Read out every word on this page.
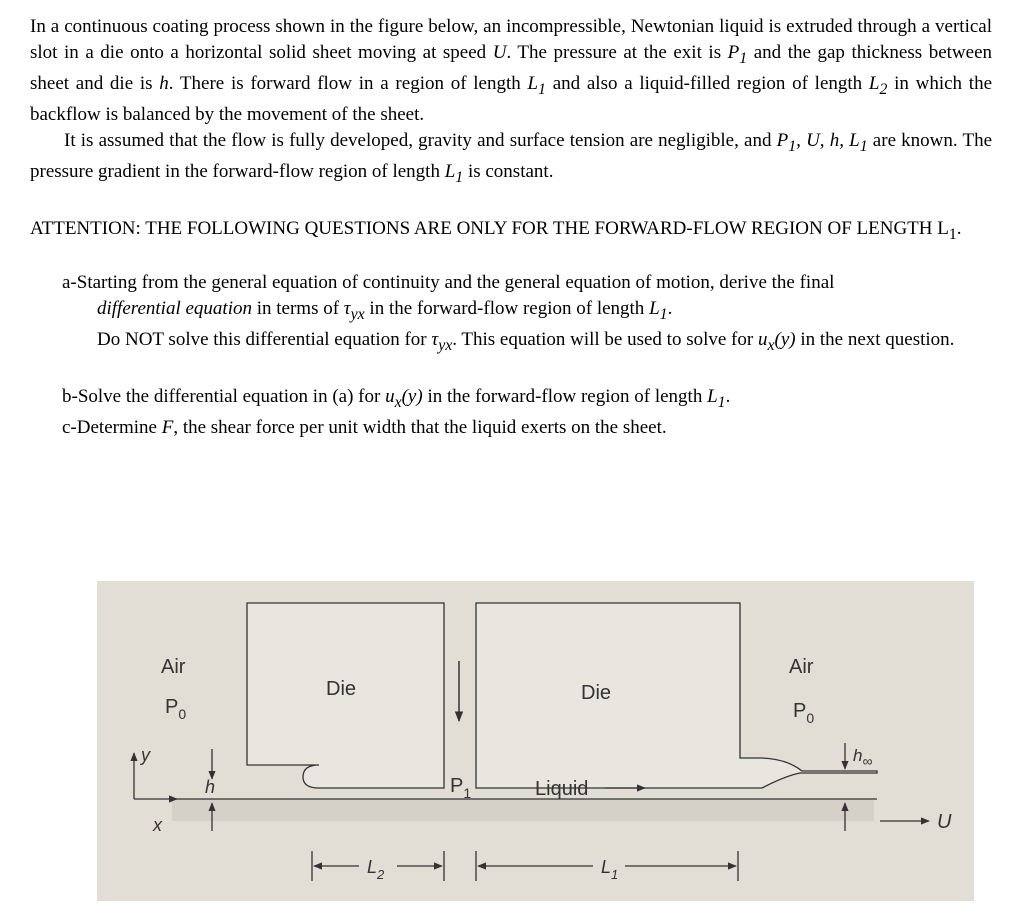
In a continuous coating process shown in the figure below, an incompressible, Newtonian liquid is extruded through a vertical slot in a die onto a horizontal solid sheet moving at speed U. The pressure at the exit is $P_1$ and the gap thickness between sheet and die is h. There is forward flow in a region of length $L_1$ and also a liquid-filled region of length $L_2$ in which the backflow is balanced by the movement of the sheet.

It is assumed that the flow is fully developed, gravity and surface tension are negligible, and $P_1$, U, h, $L_1$ are known. The pressure gradient in the forward-flow region of length $L_1$ is constant.

ATTENTION: THE FOLLOWING QUESTIONS ARE ONLY FOR THE FORWARD-FLOW REGION OF LENGTH $L_1$.

a-Starting from the general equation of continuity and the general equation of motion, derive the final

differential equation in terms of $\tau_{yx}$ in the forward-flow region of length $L_1$.

Do NOT solve this differential equation for $\tau_{yx}$. This equation will be used to solve for $u_x(y)$ in the next question.

b-Solve the differential equation in (a) for $u_x(y)$ in the forward-flow region of length $L_1$.

c-Determine F, the shear force per unit width that the liquid exerts on the sheet.

y
x
h
Air
$P_0$
Die	Die
Air
$P_0$
$P_1$	Liquid
$h_\infty$
U
$L_2$	$L_1$
